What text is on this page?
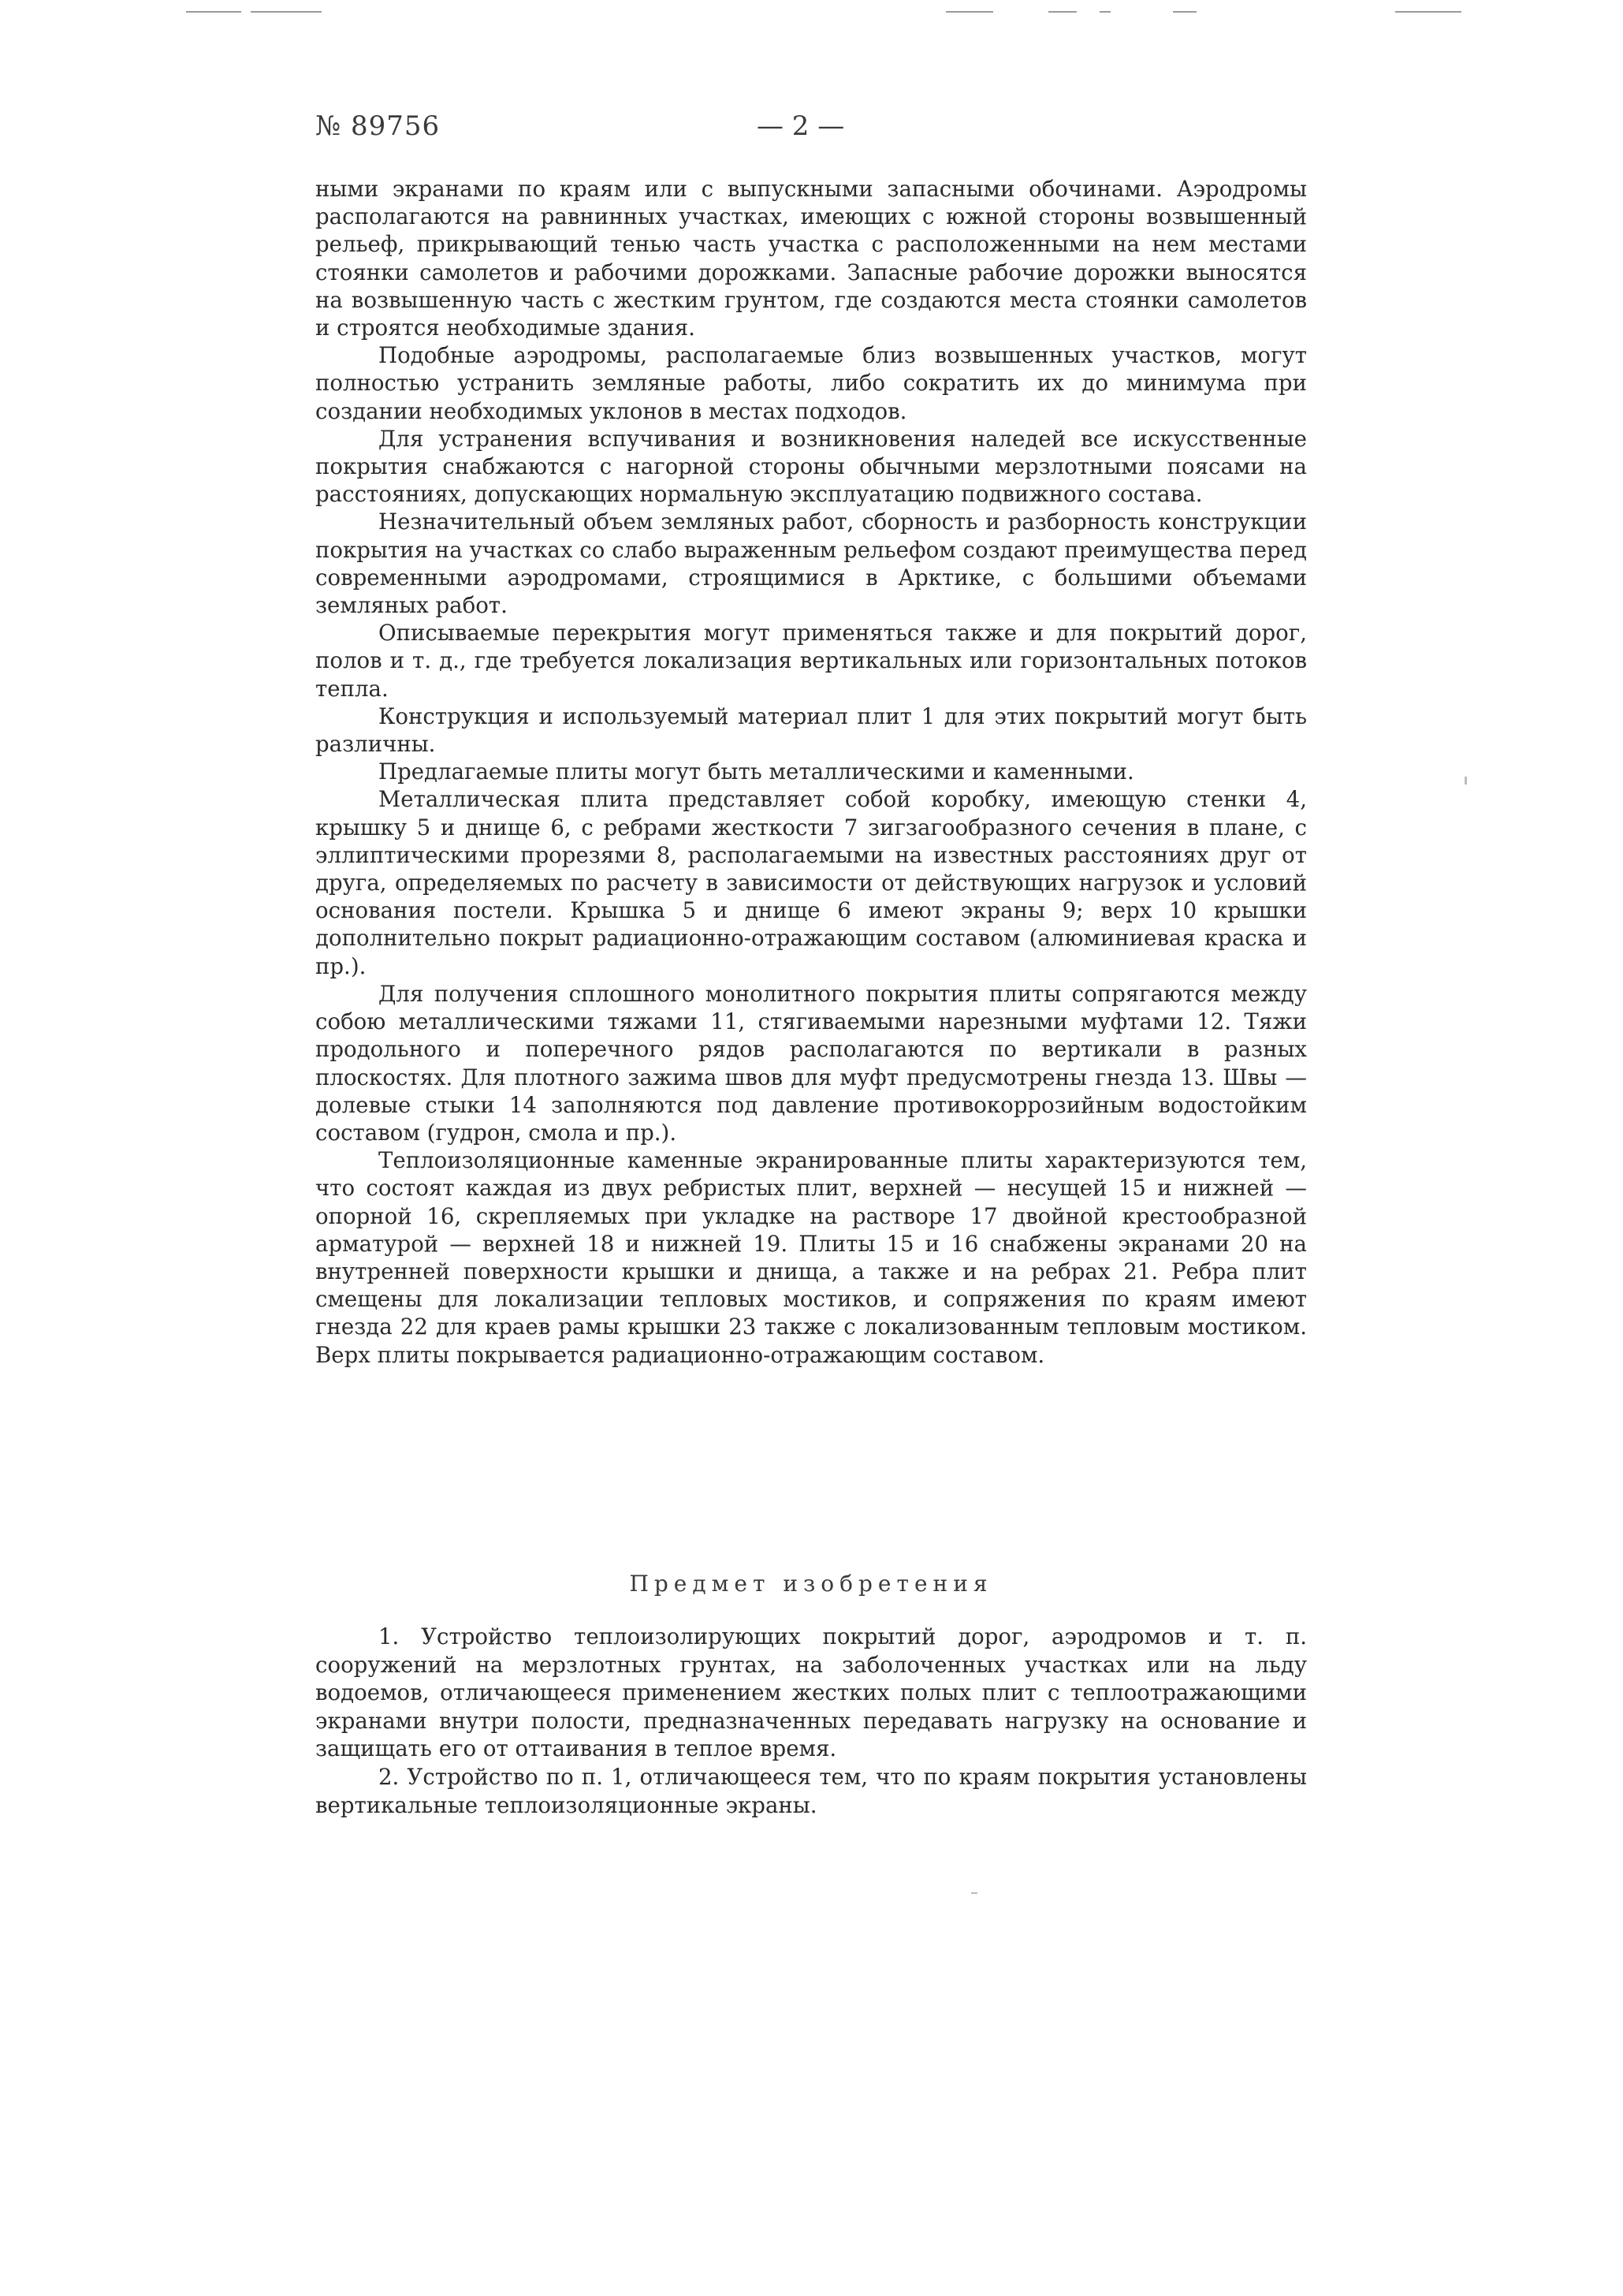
№ 89756	— 2 —

ными экранами по краям или с выпускными запасными обочинами. Аэродромы располагаются на равнинных участках, имеющих с южной стороны возвышенный рельеф, прикрывающий тенью часть участка с расположенными на нем местами стоянки самолетов и рабочими дорожками. Запасные рабочие дорожки выносятся на возвышенную часть с жестким грунтом, где создаются места стоянки самолетов и строятся необходимые здания.

Подобные аэродромы, располагаемые близ возвышенных участков, могут полностью устранить земляные работы, либо сократить их до минимума при создании необходимых уклонов в местах подходов.

Для устранения вспучивания и возникновения наледей все искусственные покрытия снабжаются с нагорной стороны обычными мерзлотными поясами на расстояниях, допускающих нормальную эксплуатацию подвижного состава.

Незначительный объем земляных работ, сборность и разборность конструкции покрытия на участках со слабо выраженным рельефом создают преимущества перед современными аэродромами, строящимися в Арктике, с большими объемами земляных работ.

Описываемые перекрытия могут применяться также и для покрытий дорог, полов и т. д., где требуется локализация вертикальных или горизонтальных потоков тепла.

Конструкция и используемый материал плит 1 для этих покрытий могут быть различны.

Предлагаемые плиты могут быть металлическими и каменными.

Металлическая плита представляет собой коробку, имеющую стенки 4, крышку 5 и днище 6, с ребрами жесткости 7 зигзагообразного сечения в плане, с эллиптическими прорезями 8, располагаемыми на известных расстояниях друг от друга, определяемых по расчету в зависимости от действующих нагрузок и условий основания постели. Крышка 5 и днище 6 имеют экраны 9; верх 10 крышки дополнительно покрыт радиационно-отражающим составом (алюминиевая краска и пр.).

Для получения сплошного монолитного покрытия плиты сопрягаются между собою металлическими тяжами 11, стягиваемыми нарезными муфтами 12. Тяжи продольного и поперечного рядов располагаются по вертикали в разных плоскостях. Для плотного зажима швов для муфт предусмотрены гнезда 13. Швы — долевые стыки 14 заполняются под давление противокоррозийным водостойким составом (гудрон, смола и пр.).

Теплоизоляционные каменные экранированные плиты характеризуются тем, что состоят каждая из двух ребристых плит, верхней — несущей 15 и нижней — опорной 16, скрепляемых при укладке на растворе 17 двойной крестообразной арматурой — верхней 18 и нижней 19. Плиты 15 и 16 снабжены экранами 20 на внутренней поверхности крышки и днища, а также и на ребрах 21. Ребра плит смещены для локализации тепловых мостиков, и сопряжения по краям имеют гнезда 22 для краев рамы крышки 23 также с локализованным тепловым мостиком. Верх плиты покрывается радиационно-отражающим составом.

Предмет изобретения

1. Устройство теплоизолирующих покрытий дорог, аэродромов и т. п. сооружений на мерзлотных грунтах, на заболоченных участках или на льду водоемов, отличающееся применением жестких полых плит с теплоотражающими экранами внутри полости, предназначенных передавать нагрузку на основание и защищать его от оттаивания в теплое время.

2. Устройство по п. 1, отличающееся тем, что по краям покрытия установлены вертикальные теплоизоляционные экраны.
